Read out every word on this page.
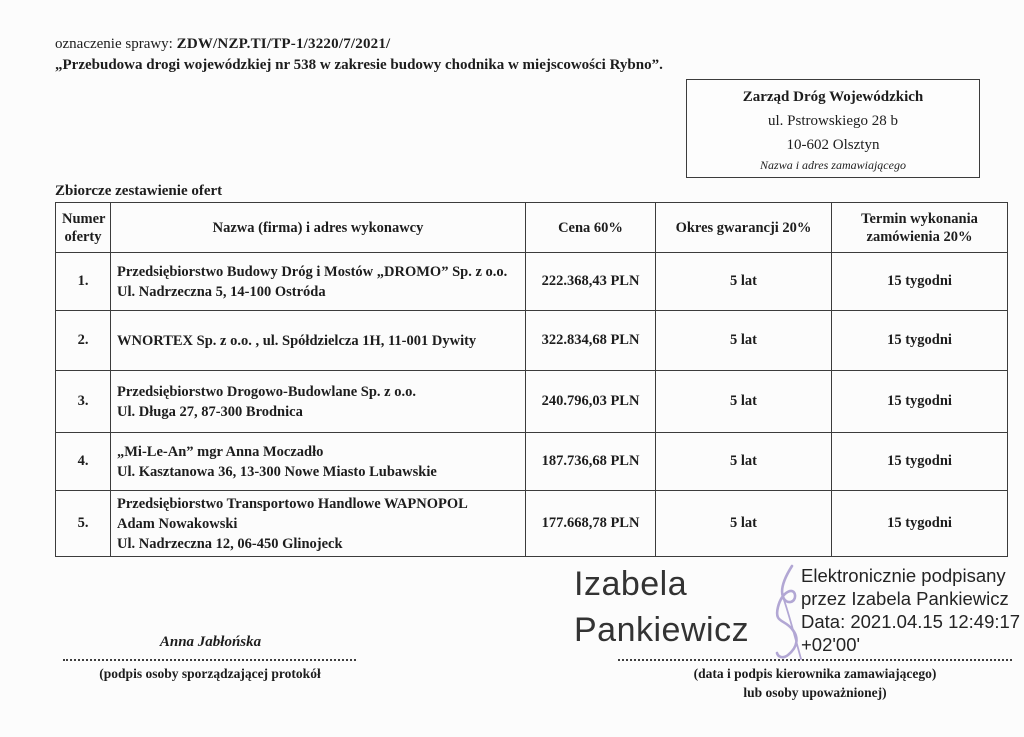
oznaczenie sprawy: ZDW/NZP.TI/TP-1/3220/7/2021/
„Przebudowa drogi wojewódzkiej nr 538 w zakresie budowy chodnika w miejscowości Rybno”.
Zarząd Dróg Wojewódzkich
ul. Pstrowskiego 28 b
10-602 Olsztyn
Nazwa i adres zamawiającego
Zbiorcze zestawienie ofert
Numer oferty	Nazwa (firma) i adres wykonawcy	Cena 60%	Okres gwarancji 20%	Termin wykonania zamówienia 20%
1.	Przedsiębiorstwo Budowy Dróg i Mostów „DROMO” Sp. z o.o.
Ul. Nadrzeczna 5, 14-100 Ostróda	222.368,43 PLN	5 lat	15 tygodni
2.	WNORTEX Sp. z o.o. , ul. Spółdzielcza 1H, 11-001 Dywity	322.834,68 PLN	5 lat	15 tygodni
3.	Przedsiębiorstwo Drogowo-Budowlane Sp. z o.o.
Ul. Długa 27, 87-300 Brodnica	240.796,03 PLN	5 lat	15 tygodni
4.	„Mi-Le-An” mgr Anna Moczadło
Ul. Kasztanowa 36, 13-300 Nowe Miasto Lubawskie	187.736,68 PLN	5 lat	15 tygodni
5.	Przedsiębiorstwo Transportowo Handlowe WAPNOPOL
Adam Nowakowski
Ul. Nadrzeczna 12, 06-450 Glinojeck	177.668,78 PLN	5 lat	15 tygodni
Anna Jabłońska
(podpis osoby sporządzającej protokół
Izabela
Pankiewicz
Elektronicznie podpisany
przez Izabela Pankiewicz
Data: 2021.04.15 12:49:17
+02'00'
(data i podpis kierownika zamawiającego)
lub osoby upoważnionej)
